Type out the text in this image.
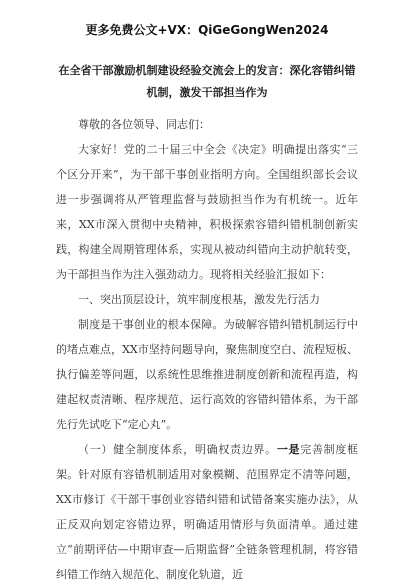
更多免费公文+VX：QiGeGongWen2024
在全省干部激励机制建设经验交流会上的发言：深化容错纠错机制，激发干部担当作为

尊敬的各位领导、同志们：

大家好！党的二十届三中全会《决定》明确提出落实“三个区分开来”，为干部干事创业指明方向。全国组织部长会议进一步强调将从严管理监督与鼓励担当作为有机统一。近年来，XX市深入贯彻中央精神，积极探索容错纠错机制创新实践，构建全周期管理体系，实现从被动纠错向主动护航转变，为干部担当作为注入强劲动力。现将相关经验汇报如下：

一、突出顶层设计，筑牢制度根基，激发先行活力

制度是干事创业的根本保障。为破解容错纠错机制运行中的堵点难点，XX市坚持问题导向，聚焦制度空白、流程短板、执行偏差等问题，以系统性思维推进制度创新和流程再造，构建起权责清晰、程序规范、运行高效的容错纠错体系，为干部先行先试吃下“定心丸”。

（一）健全制度体系，明确权责边界。一是完善制度框架。针对原有容错机制适用对象模糊、范围界定不清等问题，XX市修订《干部干事创业容错纠错和试错备案实施办法》，从正反双向划定容错边界，明确适用情形与负面清单。通过建立“前期评估—中期审查—后期监督”全链条管理机制，将容错纠错工作纳入规范化、制度化轨道，近
